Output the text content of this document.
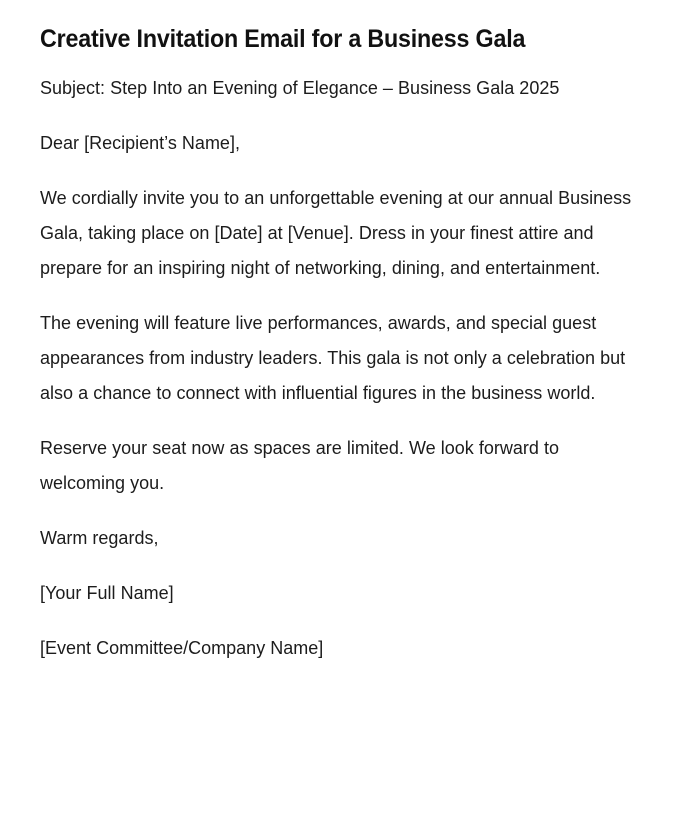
Creative Invitation Email for a Business Gala

Subject: Step Into an Evening of Elegance – Business Gala 2025

Dear [Recipient’s Name],

We cordially invite you to an unforgettable evening at our annual Business Gala, taking place on [Date] at [Venue]. Dress in your finest attire and prepare for an inspiring night of networking, dining, and entertainment.

The evening will feature live performances, awards, and special guest appearances from industry leaders. This gala is not only a celebration but also a chance to connect with influential figures in the business world.

Reserve your seat now as spaces are limited. We look forward to welcoming you.

Warm regards,

[Your Full Name]

[Event Committee/Company Name]
